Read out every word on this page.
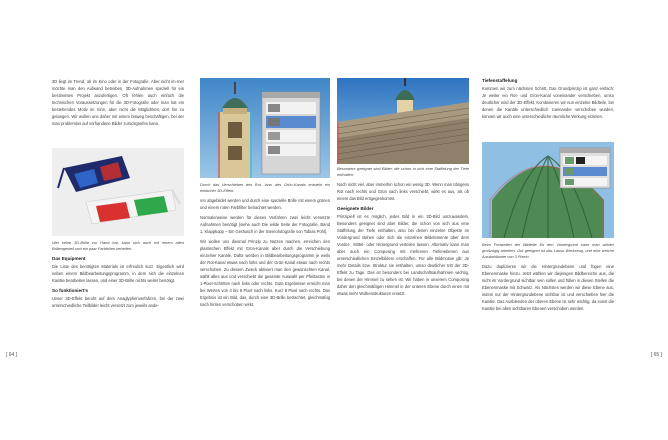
3D liegt im Trend, ob im Kino oder in der Fotografie. Aber nicht im-mer möchte man den Aufwand betreiben, 3D-Aufnahmen speziell für ein bestimmtes Projekt anzufertigen. Oft fehlen auch einfach die technischen Voraussetzungen für die 3D-Fotografie oder man hat ein bestehendes Motiv im Sinn, aber nicht die Möglichkeit, dort hin zu gelangen. Wir wollen uns daher mit einem bisweg beschäftigen, bei der man problemlos auf vorhandene Bilder zurückgreifen kann.

Wer keine 3D-Brille zur Hand hat, kann sich auch mit einem alten Brillengestell und ein paar Farbfolien behelfen.

Das Equipment

Die Liste des benötigten Materials ist erfreulich kurz. Eigentlich wird neben einem Bildbearbeitungsprogramm, in dem sich die einzelnen Kanäle bearbeiten lassen, und einer 3D-Brille nichts weiter benötigt.

So funktioniert’s

Unser 3D-Effekt beruht auf dem Anaglyphenverfahren, bei der zwei unterschiedliche Teilbilder leicht versetzt zum jeweils ande-

Durch das Verschieben des Rot- bzw. des Grün-Kanals entsteht ein einfacher 3D-Effekt.

ren abgebildet werden und durch eine spezielle Brille mit einem grünen und einem roten Farbfilter betrachtet werden.

Normalerweise werden für dieses Verfahren zwei leicht versetzte Aufnahmen benötigt (siehe auch Die wilde Seite der Fotografie, Band 1, Klappkopp – Ein Geräusch in der Stereofotografie von Tobias Pohl).

Wir wollen uns diesmal Prinzip zu Nutzen machen, erreichen den plastischen Effekt mit Grün-Kanals aber durch die Verschiebung einzelner Kanäle. Dafür werden in Bildbearbeitungsprogramm je weils der Rot-Kanal etwas nach links und der Grün-Kanal etwas nach rechts verschoben. Zu diesem Zweck aktiviert man den gewünschten Kanal, wählt alles aus und verschiebt die gesamte Auswahl per Pfeiltasten in 1-Pixel-Schritten nach links oder rechts. Gute Ergebnisse erreicht man bei Werten von 4 bis 8 Pixel nach links. Kurz 8 Pixel nach rechts. Das Ergebnis ist ein Bild, das, durch eine 3D-Brille betrachtet, gleichmäßig nach hinten verschoben wirkt.

[ 64 ]

Besonders geeignet sind Bilder, die schon in sich eine Staffelung der Tiefe enthalten.

Noch nicht viel, aber immerhin schon ein wenig 3D. Wenn man übrigens Rot nach rechts und Grün nach links verschiebt, wirkt es aus, als ob einem das Bild entgegenkommt.

Geeignete Bilder

Prinzipiell ist es möglich, jedes Bild in ein 3D-Bild umzuwandeln. Besonders geeignet sind aber Bilder, die schon von sich aus eine Staffelung der Tiefe enthalten, also bei denen einzelne Objekte im Vordergrund stehen oder sich die einzelnen Bildelemente über dem Vorder-, Mittel- oder Hintergrund verteilen lassen. Alternativ kann man aber auch ein Composing mit mehreren Tiefenebenen aus unterschiedlichen Einzelbildern erschaffen. Für alle Bildmotive gilt: Je mehr Details bzw. Struktur sie enthalten, umso deutlicher tritt der 3D-Effekt zu Tage. Das ist besonders bei Landschaftsaufnahmen wichtig, bei denen der Himmel zu sehen ist. Wir haben in unserem Composing daher den gleichmäßigen Himmel in der unteren Ebene durch einen mit etwas mehr Wolkenstrukturen ersetzt.

Tiefenstaffelung

Kommen wir zum nächsten Schritt. Das Grundprinzip ist ganz einfach: Je weiter ein Rot- und Grün-Kanal voneinander verschieben, umso deutlicher wird der 3D-Effekt. Kombinieren wir nun einzelne Bildteile, bei denen die Kanäle unterschiedlich zueinander verschoben wurden, können wir auch eine unterschiedliche räumliche Wirkung erzielen.

Beim Freistellen der Bildteile für den Vordergrund kann man wieder großzügig arbeiten. Gut geeignet ist das Lasso-Werkzeug, und eine weiche Auswahlkante von 3 Pixeln.

Dazu duplizieren wir die Hintergrundebene und fügen eine Ebenenmaske hinzu. Jetzt wählen wir diejenigen Bildbereiche aus, die nicht im Vordergrund sichtbar sein sollen und füllen in diesen Stellen die Ebenenmaske mit Schwarz. Als Nächstes werden wir diese Ebene aus, indem nur der Hintergrundebene sichtbar ist und verschieben hier die Kanäle. Das Ausblenden der oberen Ebene ist sehr wichtig, da sonst die Kanäle bei allen sichtbaren Ebenen verschoben werden.

[ 65 ]
